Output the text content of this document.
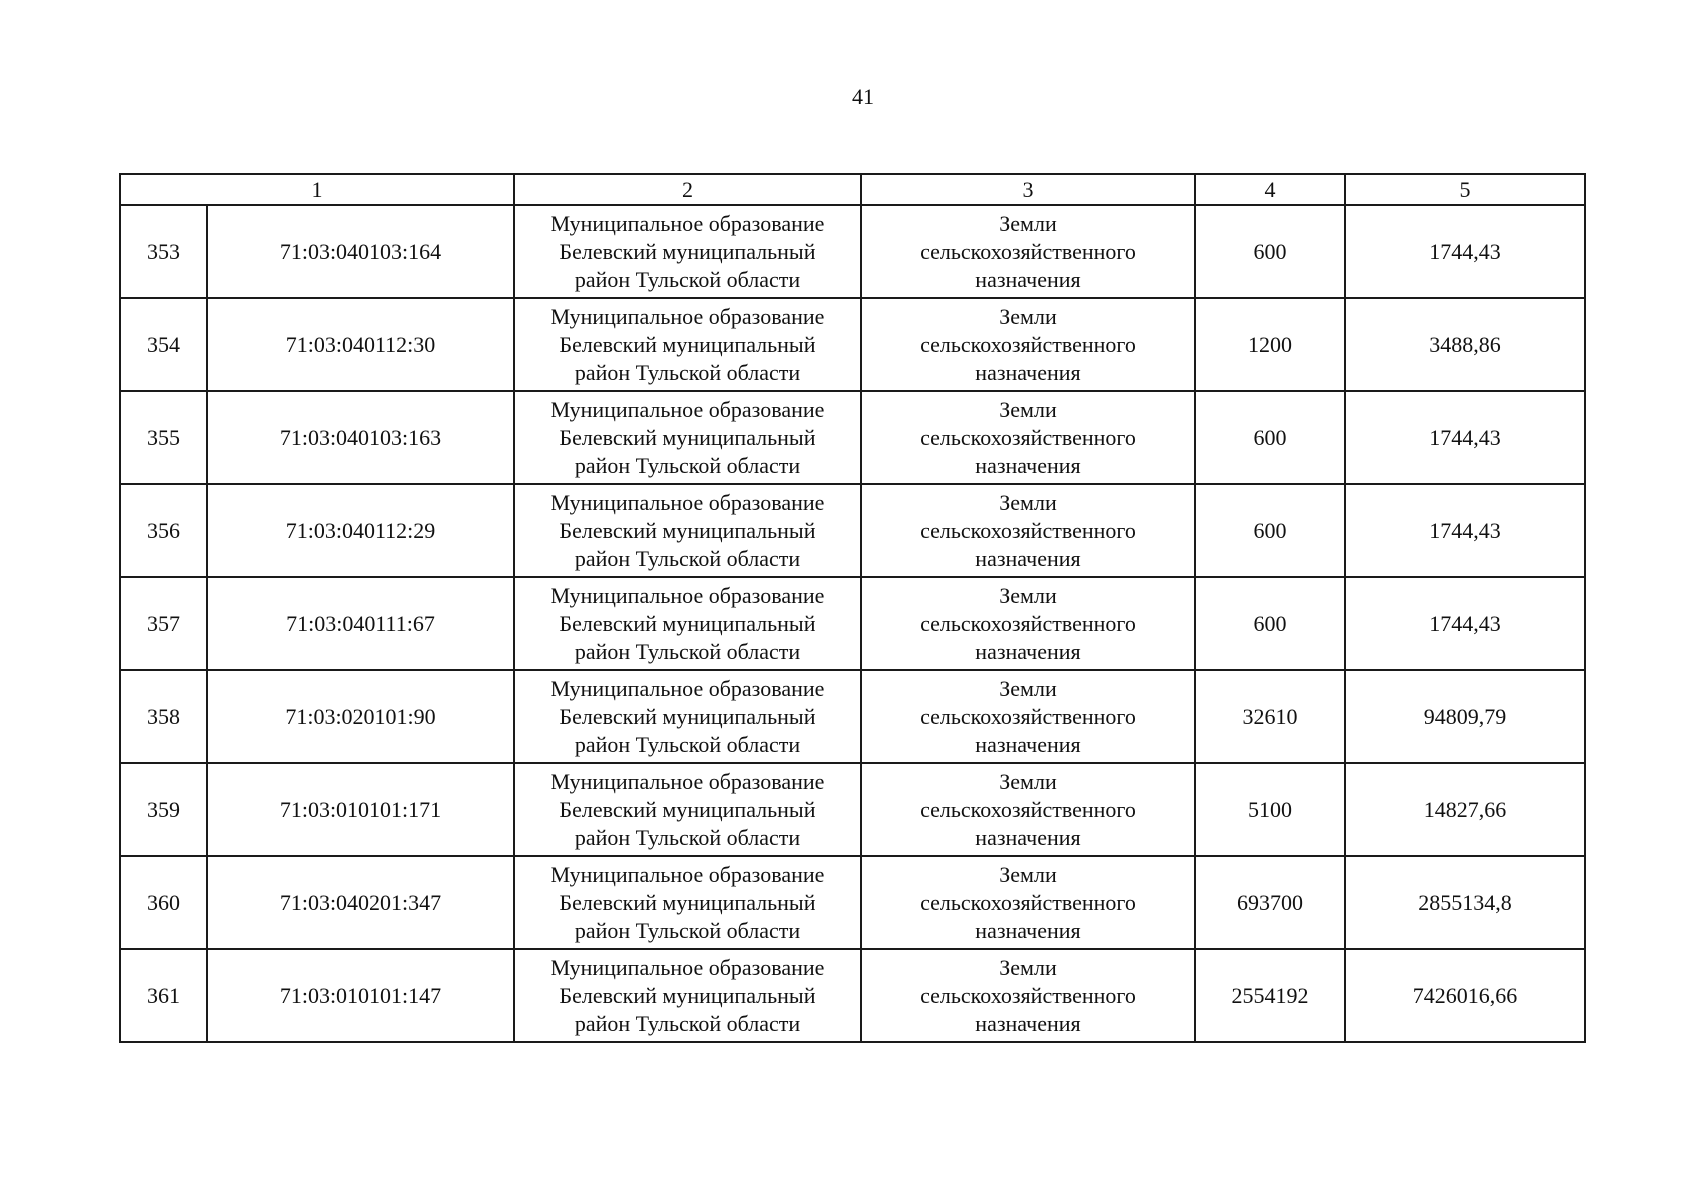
41
1		2	3	4	5
353	71:03:040103:164	Муниципальное образование
Белевский муниципальный
район Тульской области	Земли
сельскохозяйственного
назначения	600	1744,43
354	71:03:040112:30	Муниципальное образование
Белевский муниципальный
район Тульской области	Земли
сельскохозяйственного
назначения	1200	3488,86
355	71:03:040103:163	Муниципальное образование
Белевский муниципальный
район Тульской области	Земли
сельскохозяйственного
назначения	600	1744,43
356	71:03:040112:29	Муниципальное образование
Белевский муниципальный
район Тульской области	Земли
сельскохозяйственного
назначения	600	1744,43
357	71:03:040111:67	Муниципальное образование
Белевский муниципальный
район Тульской области	Земли
сельскохозяйственного
назначения	600	1744,43
358	71:03:020101:90	Муниципальное образование
Белевский муниципальный
район Тульской области	Земли
сельскохозяйственного
назначения	32610	94809,79
359	71:03:010101:171	Муниципальное образование
Белевский муниципальный
район Тульской области	Земли
сельскохозяйственного
назначения	5100	14827,66
360	71:03:040201:347	Муниципальное образование
Белевский муниципальный
район Тульской области	Земли
сельскохозяйственного
назначения	693700	2855134,8
361	71:03:010101:147	Муниципальное образование
Белевский муниципальный
район Тульской области	Земли
сельскохозяйственного
назначения	2554192	7426016,66
